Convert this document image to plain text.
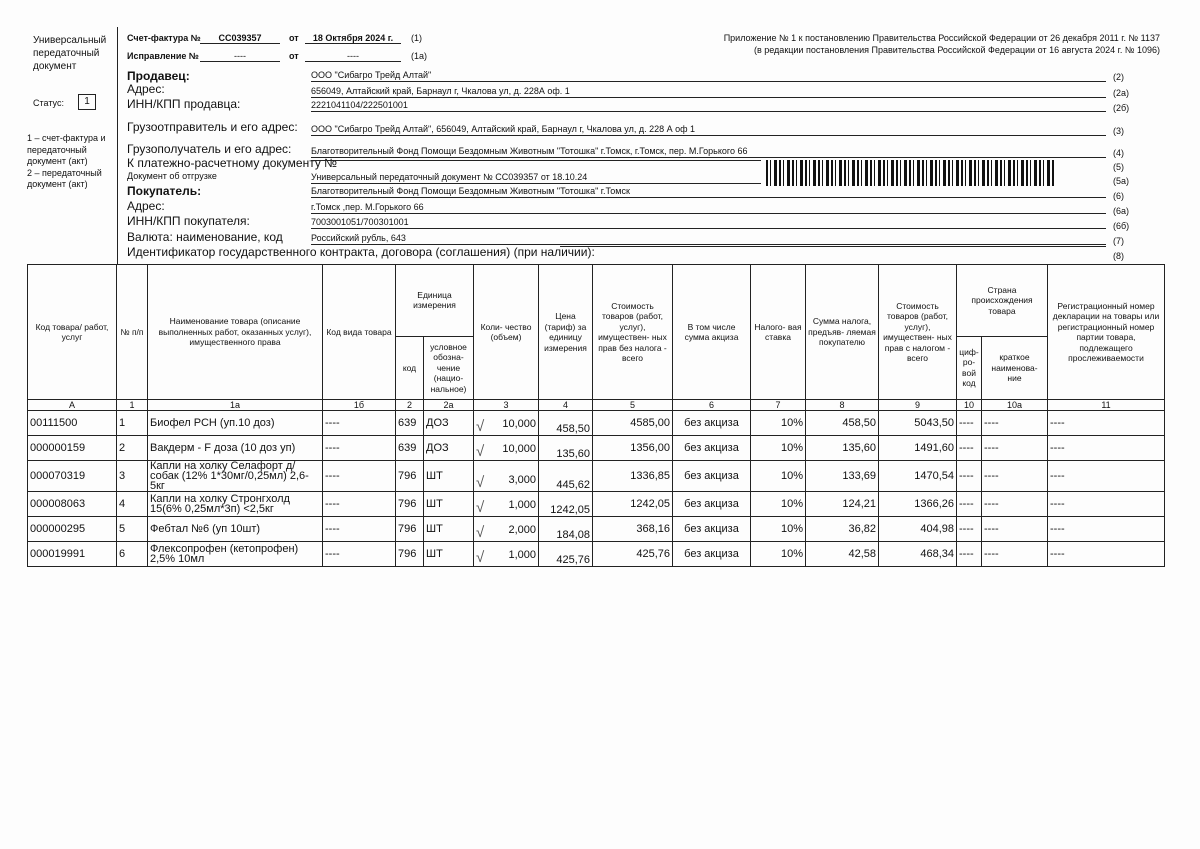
Универсальный
передаточный
документ
Статус:	1
1 – счет-фактура и
передаточный
документ (акт)
2 – передаточный
документ (акт)
Счет-фактура №	СС039357	от	18 Октября 2024 г.	(1)
Исправление №	----	от	----	(1а)
Приложение № 1 к постановлению Правительства Российской Федерации от 26 декабря 2011 г. № 1137
(в редакции постановления Правительства Российской Федерации от 16 августа 2024 г. № 1096)
Продавец:	ООО "Сибагро Трейд Алтай"	(2)
Адрес:	656049, Алтайский край, Барнаул г, Чкалова ул, д. 228А оф. 1	(2а)
ИНН/КПП продавца:	2221041104/222501001	(2б)
Грузоотправитель и его адрес: ООО "Сибагро Трейд Алтай", 656049, Алтайский край, Барнаул г, Чкалова ул, д. 228 А оф 1	(3)
Грузополучатель и его адрес: Благотворительный Фонд Помощи Бездомным Животным "Тотошка" г.Томск, г.Томск, пер. М.Горького 66	(4)
К платежно-расчетному документу №	(5)
Документ об отгрузке	Универсальный передаточный документ № СС039357 от 18.10.24	(5а)
Покупатель:	Благотворительный Фонд Помощи Бездомным Животным "Тотошка" г.Томск	(6)
Адрес:	г.Томск ,пер. М.Горького 66	(6а)
ИНН/КПП покупателя:	7003001051/700301001	(6б)
Валюта: наименование, код	Российский рубль, 643	(7)
Идентификатор государственного контракта, договора (соглашения) (при наличии):	(8)
Код товара/ работ, услуг	№ п/п	Наименование товара (описание выполненных работ, оказанных услуг), имущественного права	Код вида товара	Единица измерения		Коли- чество (объем)	Цена (тариф) за единицу измерения	Стоимость товаров (работ, услуг), имуществен- ных прав без налога - всего	В том числе сумма акциза	Налого- вая ставка	Сумма налога, предъяв- ляемая покупателю	Стоимость товаров (работ, услуг), имуществен- ных прав с налогом - всего	Страна происхождения товара		Регистрационный номер декларации на товары или регистрационный номер партии товара, подлежащего прослеживаемости
				код	условное обозна- чение (нацио- нальное)								циф- ро- вой код	краткое наименова- ние	
А	1	1а	1б	2	2а	3	4	5	6	7	8	9	10	10а	11
00111500	1	Биофел РСН (уп.10 доз)	----	639	ДОЗ	√ 10,000	458,50	4585,00	без акциза	10%	458,50	5043,50	----	----	----
000000159	2	Вакдерм - F доза (10 доз уп)	----	639	ДОЗ	√ 10,000	135,60	1356,00	без акциза	10%	135,60	1491,60	----	----	----
000070319	3	Капли на холку Селафорт д/собак (12% 1*30мг/0,25мл) 2,6-5кг	----	796	ШТ	√ 3,000	445,62	1336,85	без акциза	10%	133,69	1470,54	----	----	----
000008063	4	Капли на холку Стронгхолд 15(6% 0,25мл*3п) <2,5кг	----	796	ШТ	√ 1,000	1242,05	1242,05	без акциза	10%	124,21	1366,26	----	----	----
000000295	5	Фебтал №6 (уп 10шт)	----	796	ШТ	√ 2,000	184,08	368,16	без акциза	10%	36,82	404,98	----	----	----
000019991	6	Флексопрофен (кетопрофен) 2,5% 10мл	----	796	ШТ	√ 1,000	425,76	425,76	без акциза	10%	42,58	468,34	----	----	----
